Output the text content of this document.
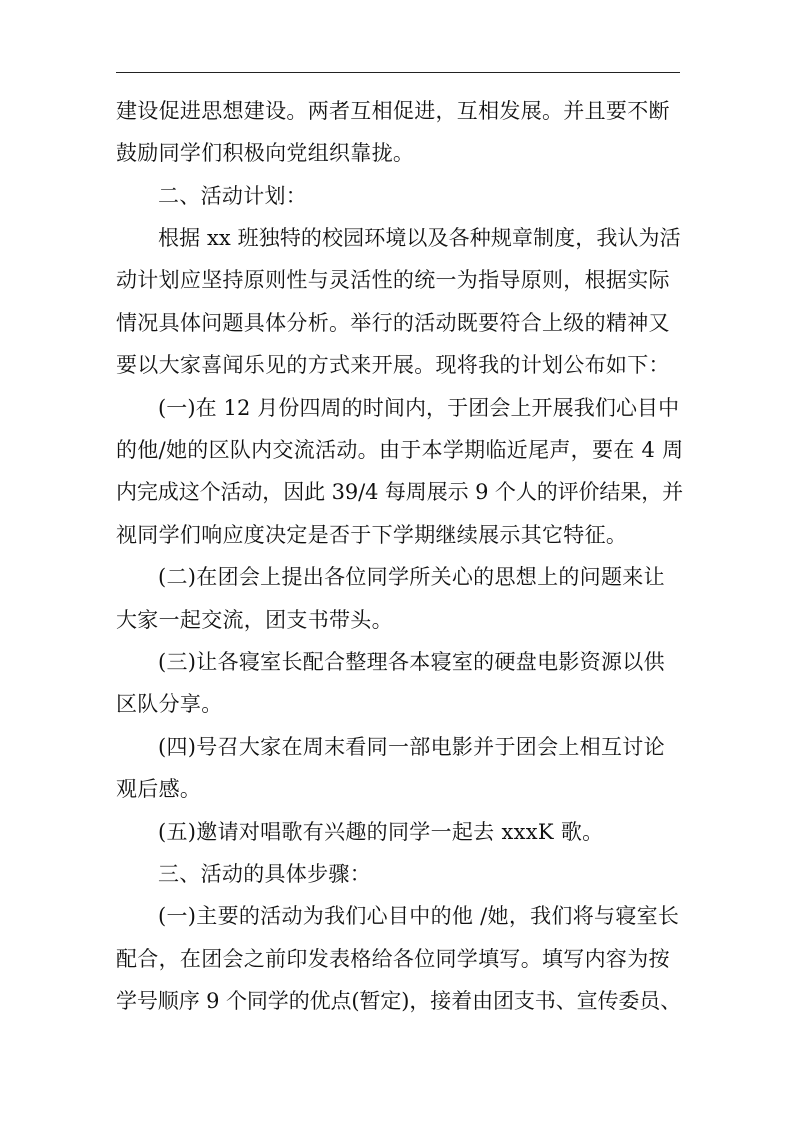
建设促进思想建设。两者互相促进，互相发展。并且要不断
鼓励同学们积极向党组织靠拢。
二、活动计划：
根据 xx 班独特的校园环境以及各种规章制度，我认为活
动计划应坚持原则性与灵活性的统一为指导原则，根据实际
情况具体问题具体分析。举行的活动既要符合上级的精神又
要以大家喜闻乐见的方式来开展。现将我的计划公布如下：
(一)在 12 月份四周的时间内，于团会上开展我们心目中
的他/她的区队内交流活动。由于本学期临近尾声，要在 4 周
内完成这个活动，因此 39/4 每周展示 9 个人的评价结果，并
视同学们响应度决定是否于下学期继续展示其它特征。
(二)在团会上提出各位同学所关心的思想上的问题来让
大家一起交流，团支书带头。
(三)让各寝室长配合整理各本寝室的硬盘电影资源以供
区队分享。
(四)号召大家在周末看同一部电影并于团会上相互讨论
观后感。
(五)邀请对唱歌有兴趣的同学一起去 xxxK 歌。
三、活动的具体步骤：
(一)主要的活动为我们心目中的他 /她，我们将与寝室长
配合，在团会之前印发表格给各位同学填写。填写内容为按
学号顺序 9 个同学的优点(暂定)，接着由团支书、宣传委员、
